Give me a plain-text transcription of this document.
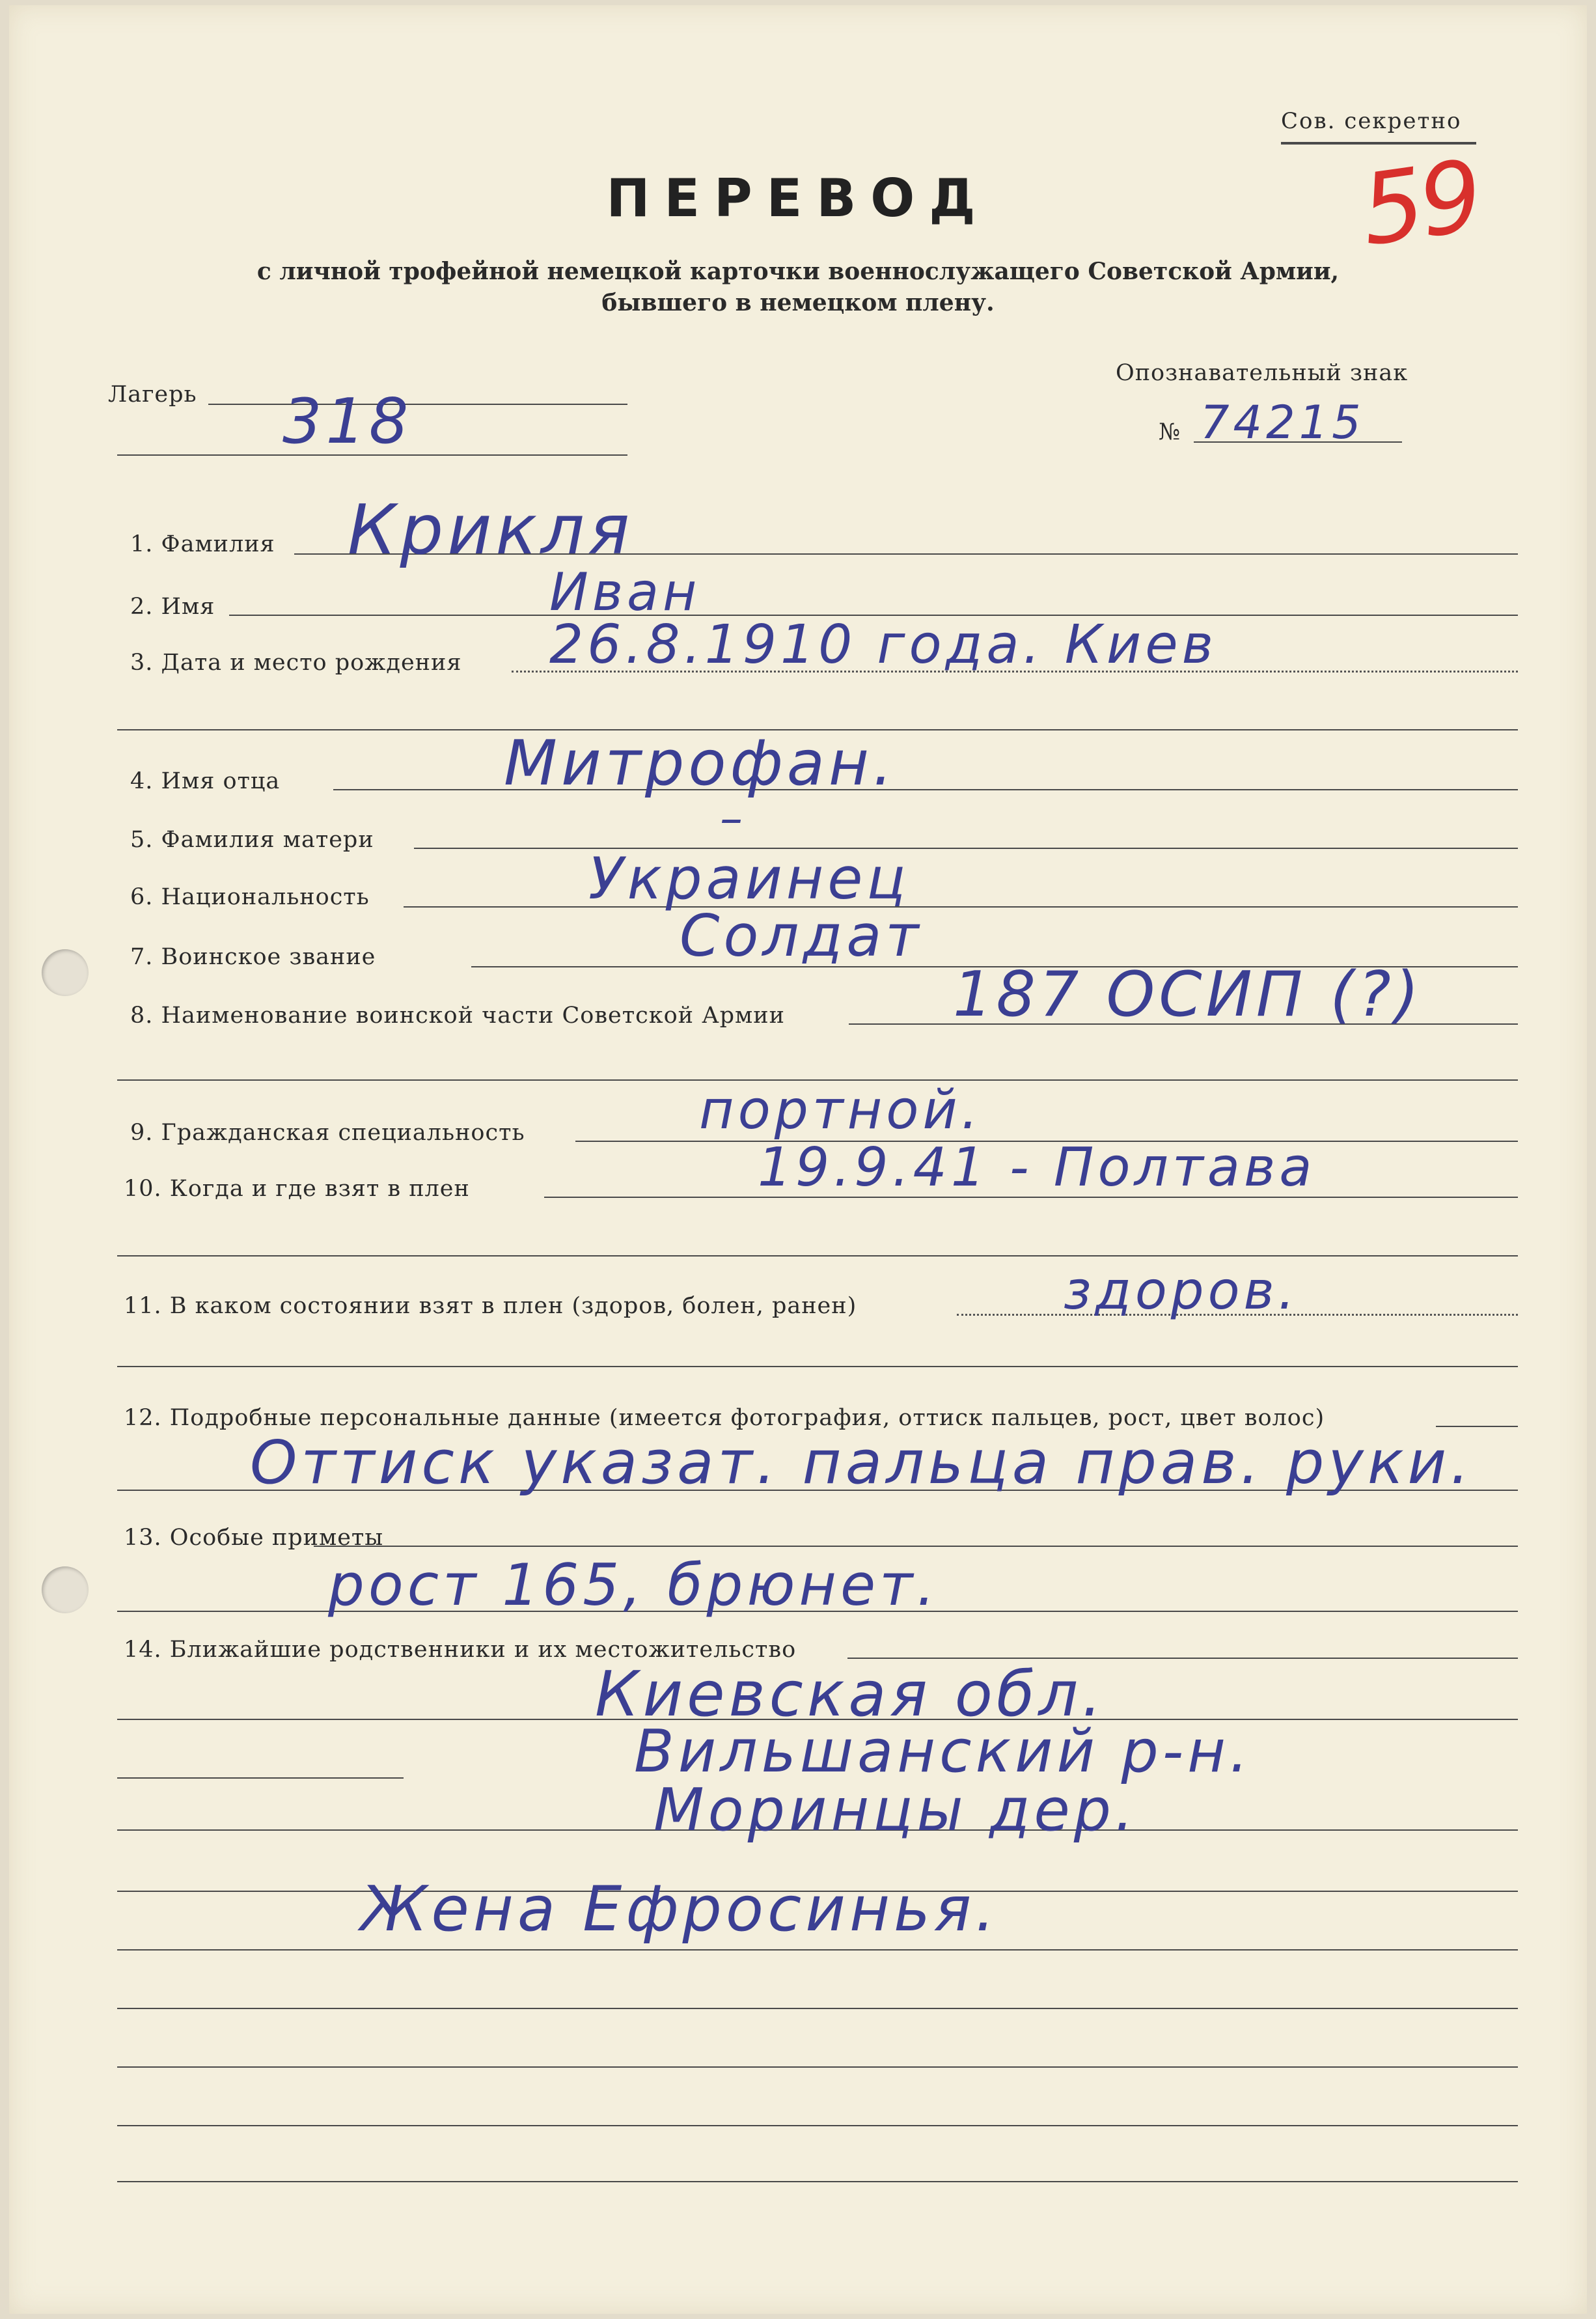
Сов. секретно
59
ПЕРЕВОД
с личной трофейной немецкой карточки военнослужащего Советской Армии,
бывшего в немецком плену.
Лагерь 318
Опознавательный знак
№ 74215
1. Фамилия Крикля
2. Имя	Иван
3. Дата и место рождения 26.8.1910 года. Киев
4. Имя отца	Митрофан.
5. Фамилия матери	–
6. Национальность	Украинец
7. Воинское звание	Солдат
8. Наименование воинской части Советской Армии	187 ОСИП (?)
9. Гражданская специальность	портной.
10. Когда и где взят в плен	19.9.41 - Полтава
11. В каком состоянии взят в плен (здоров, болен, ранен)	здоров.
12. Подробные персональные данные (имеется фотография, оттиск пальцев, рост, цвет волос)
Оттиск указат. пальца прав. руки.
13. Особые приметы
рост 165, брюнет.
14. Ближайшие родственники и их местожительство
Киевская обл.
Вильшанский р-н.
Моринцы дер.
Жена Ефросинья.
